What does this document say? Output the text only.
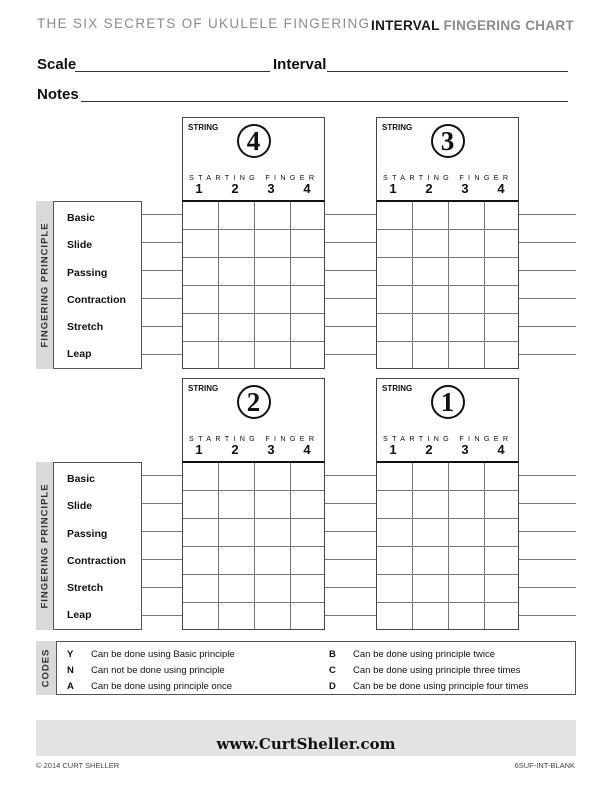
THE SIX SECRETS OF UKULELE FINGERING INTERVAL FINGERING CHART
Scale	Interval
Notes
FINGERING PRINCIPLE
Basic
Slide
Passing
Contraction
Stretch
Leap
STRING	4
STARTING FINGER
1 2 3 4
STRING	3
STARTING FINGER
1 2 3 4
FINGERING PRINCIPLE
Basic
Slide
Passing
Contraction
Stretch
Leap
STRING	2
STARTING FINGER
1 2 3 4
STRING	1
STARTING FINGER
1 2 3 4
CODES Y Can be done using Basic principle
N Can not be done using principle
A Can be done using principle once
B Can be done using principle twice
C Can be done using principle three times
D Can be be done using principle four times
www.CurtSheller.com
© 2014 CURT SHELLER	6SUF-INT-BLANK
